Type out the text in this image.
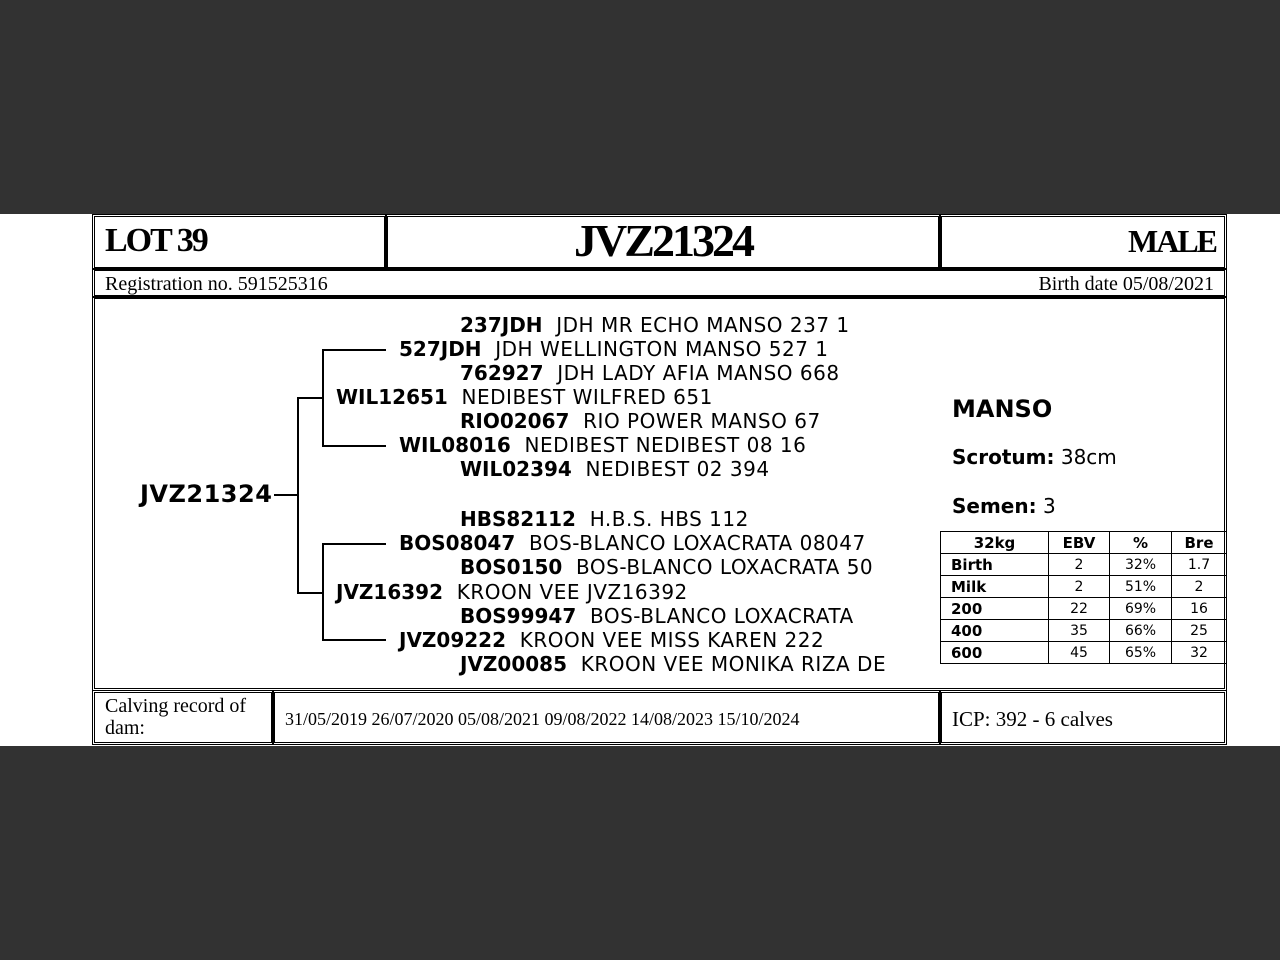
LOT 39	JVZ21324	MALE
Registration no. 591525316	Birth date 05/08/2021
JVZ21324
237JDH JDH MR ECHO MANSO 237 1
527JDH JDH WELLINGTON MANSO 527 1
762927 JDH LADY AFIA MANSO 668
WIL12651 NEDIBEST WILFRED 651
RIO02067 RIO POWER MANSO 67
WIL08016 NEDIBEST NEDIBEST 08 16
WIL02394 NEDIBEST 02 394
HBS82112 H.B.S. HBS 112
BOS08047 BOS-BLANCO LOXACRATA 08047
BOS0150 BOS-BLANCO LOXACRATA 50
JVZ16392 KROON VEE JVZ16392
BOS99947 BOS-BLANCO LOXACRATA
JVZ09222 KROON VEE MISS KAREN 222
JVZ00085 KROON VEE MONIKA RIZA DE
MANSO
Scrotum: 38cm
Semen: 3
32kg	EBV	%	Bre
Birth	2	32%	1.7
Milk	2	51%	2
200	22	69%	16
400	35	66%	25
600	45	65%	32
Calving record of dam:	31/05/2019 26/07/2020 05/08/2021 09/08/2022 14/08/2023 15/10/2024	ICP: 392 - 6 calves
